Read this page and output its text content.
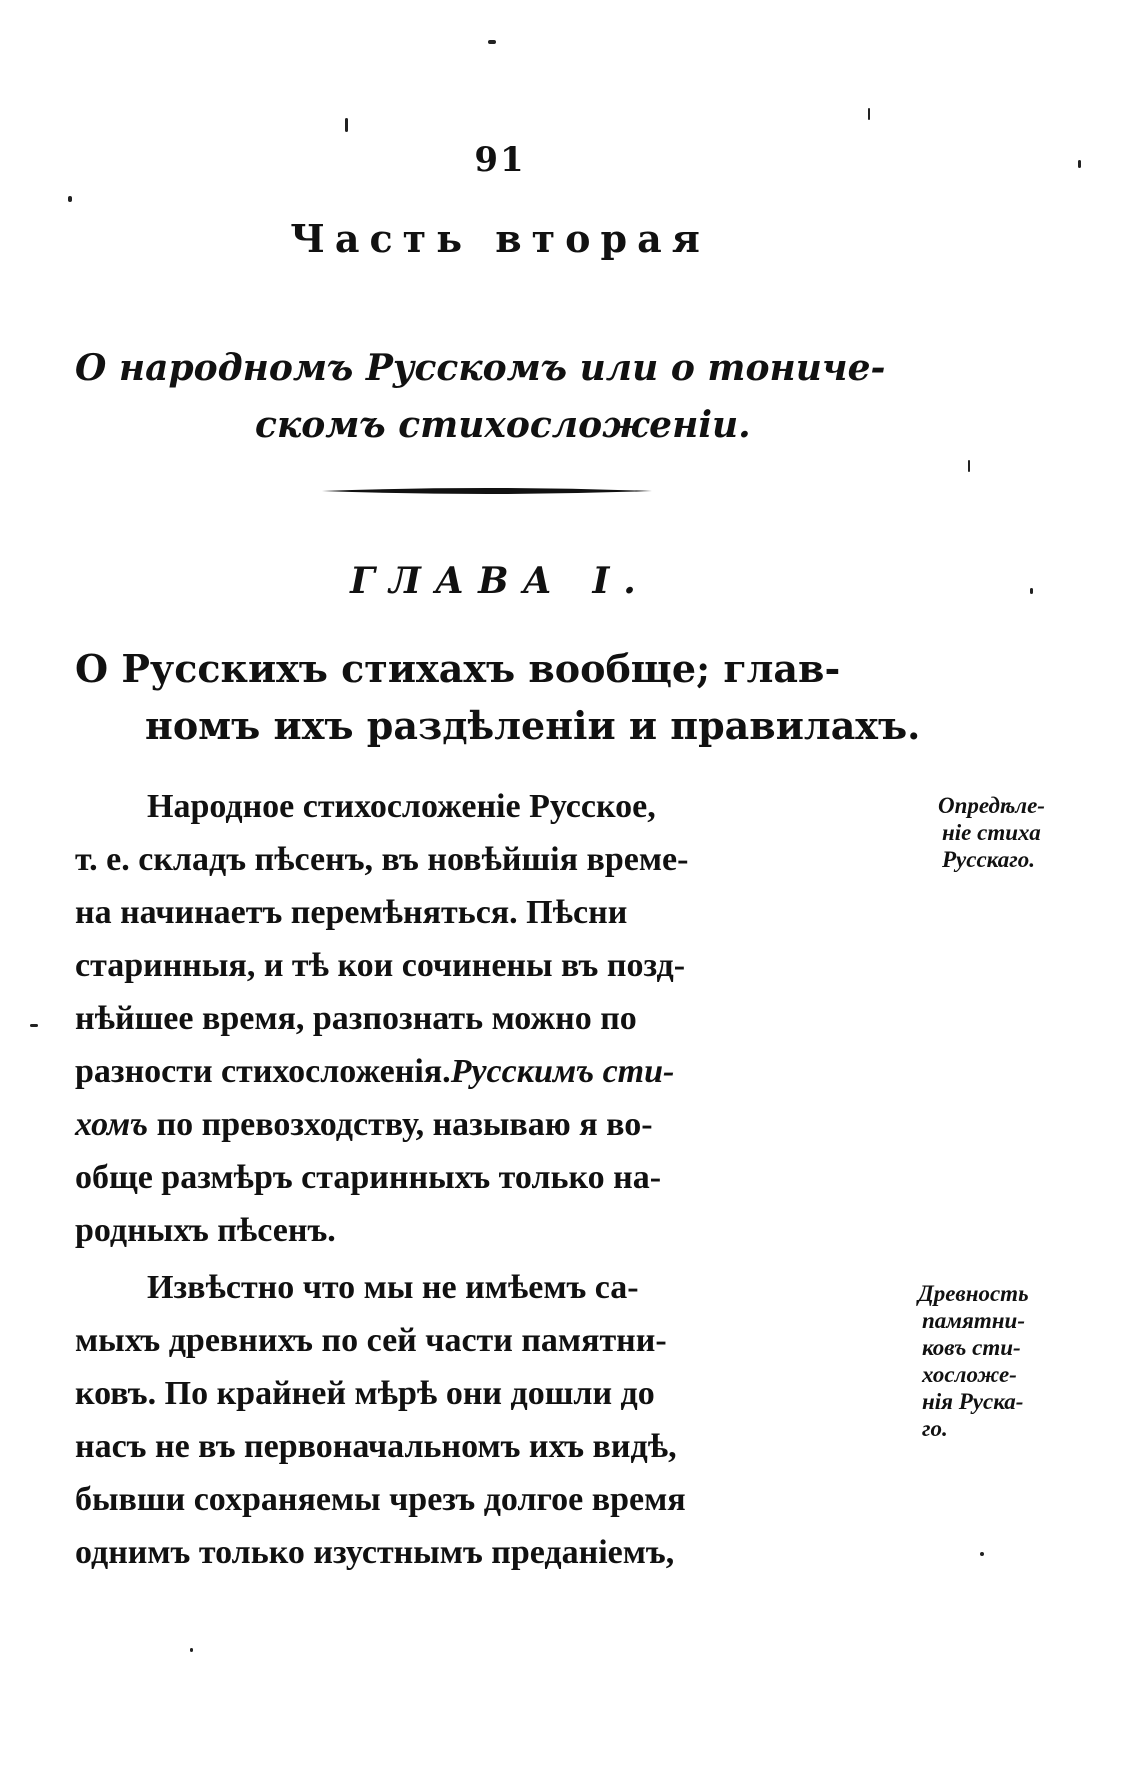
91
Часть вторая
О народномъ Русскомъ или о тониче-
скомъ стихосложеніи.
ГЛАВА І.
О Русскихъ стихахъ вообще; глав-
номъ ихъ раздѣленіи и правилахъ.
Народное стихосложеніе Русское,
т. е. складъ пѣсенъ, въ новѣйшія време-
на начинаетъ перемѣняться. Пѣсни
старинныя, и тѣ кои сочинены въ позд-
нѣйшее время, разпознать можно по
разности стихосложенія.Русскимъ сти-
хомъ по превозходству, называю я во-
обще размѣръ старинныхъ только на-
родныхъ пѣсенъ.
Извѣстно что мы не имѣемъ са-
мыхъ древнихъ по сей части памятни-
ковъ. По крайней мѣрѣ они дошли до
насъ не въ первоначальномъ ихъ видѣ,
бывши сохраняемы чрезъ долгое время
однимъ только изустнымъ преданіемъ,
Опредѣле-
ніе стиха
Русскаго.
Древность
памятни-
ковъ сти-
хосложе-
нія Руска-
го.
